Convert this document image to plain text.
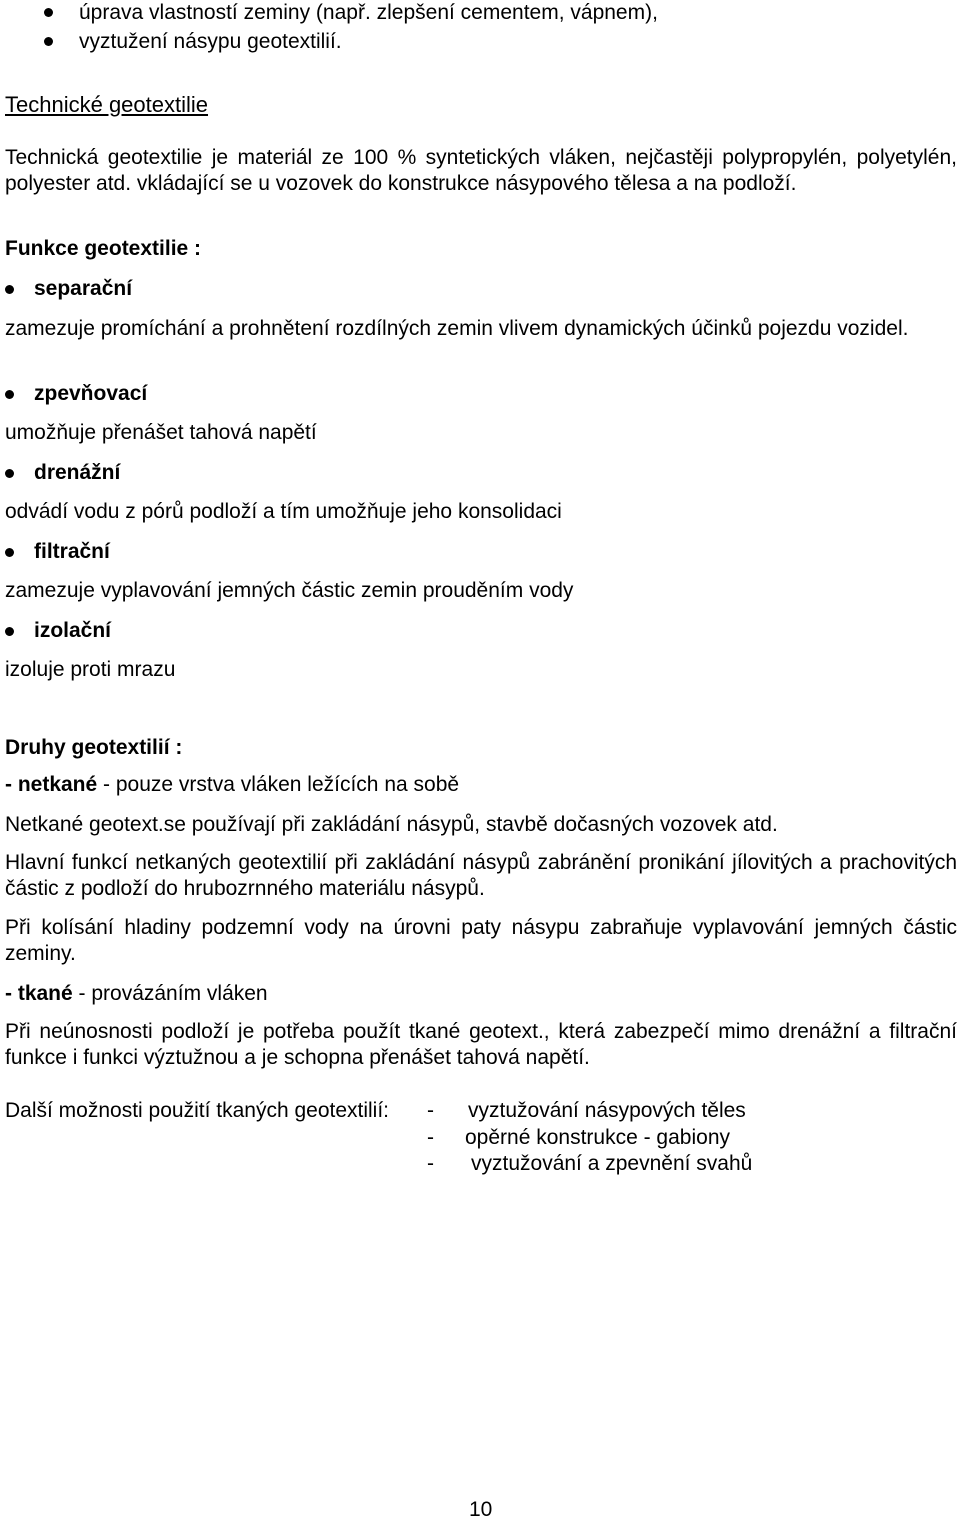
úprava vlastností zeminy (např. zlepšení cementem, vápnem),
vyztužení násypu geotextilií.
Technické geotextilie
Technická geotextilie je materiál ze 100 % syntetických vláken, nejčastěji polypropylén, polyetylén, polyester atd. vkládající se u vozovek do konstrukce násypového tělesa a na podloží.
Funkce geotextilie :
separační
zamezuje promíchání a prohnětení rozdílných zemin vlivem dynamických účinků pojezdu vozidel.
zpevňovací
umožňuje přenášet tahová napětí
drenážní
odvádí vodu z pórů podloží a tím umožňuje jeho konsolidaci
filtrační
zamezuje vyplavování jemných částic zemin prouděním vody
izolační
izoluje proti mrazu
Druhy geotextilií :
- netkané - pouze vrstva vláken ležících na sobě
Netkané geotext.se používají při zakládání násypů, stavbě dočasných vozovek atd.
Hlavní funkcí netkaných geotextilií při zakládání násypů zabránění pronikání jílovitých a prachovitých částic z podloží do hrubozrnného materiálu násypů.
Při kolísání hladiny podzemní vody na úrovni paty násypu zabraňuje vyplavování jemných částic zeminy.
- tkané - provázáním vláken
Při neúnosnosti podloží je potřeba použít tkané geotext., která zabezpečí mimo drenážní a filtrační funkce i funkci výztužnou a je schopna přenášet tahová napětí.
Další možnosti použití tkaných geotextilií: - vyztužování násypových těles
- opěrné konstrukce - gabiony
- vyztužování a zpevnění svahů
10
